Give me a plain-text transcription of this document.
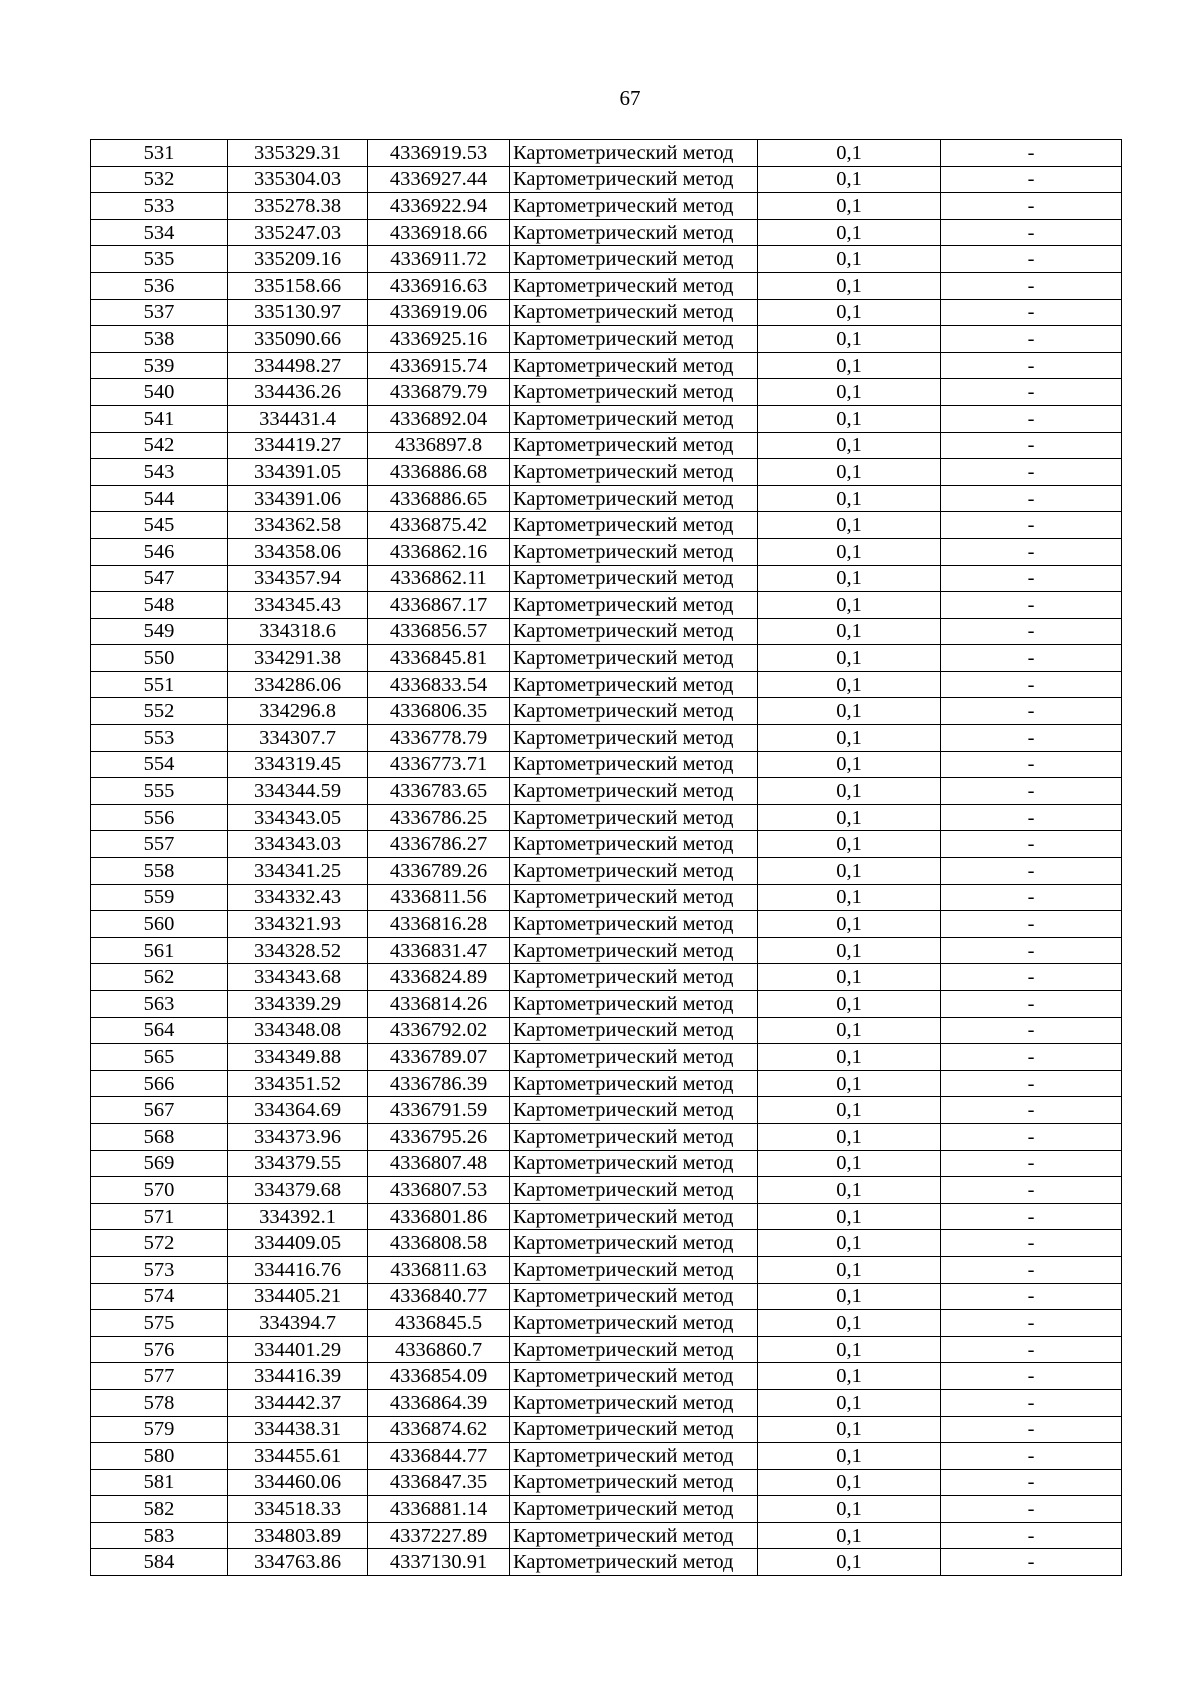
67
531	335329.31	4336919.53	Картометрический метод	0,1	-
532	335304.03	4336927.44	Картометрический метод	0,1	-
533	335278.38	4336922.94	Картометрический метод	0,1	-
534	335247.03	4336918.66	Картометрический метод	0,1	-
535	335209.16	4336911.72	Картометрический метод	0,1	-
536	335158.66	4336916.63	Картометрический метод	0,1	-
537	335130.97	4336919.06	Картометрический метод	0,1	-
538	335090.66	4336925.16	Картометрический метод	0,1	-
539	334498.27	4336915.74	Картометрический метод	0,1	-
540	334436.26	4336879.79	Картометрический метод	0,1	-
541	334431.4	4336892.04	Картометрический метод	0,1	-
542	334419.27	4336897.8	Картометрический метод	0,1	-
543	334391.05	4336886.68	Картометрический метод	0,1	-
544	334391.06	4336886.65	Картометрический метод	0,1	-
545	334362.58	4336875.42	Картометрический метод	0,1	-
546	334358.06	4336862.16	Картометрический метод	0,1	-
547	334357.94	4336862.11	Картометрический метод	0,1	-
548	334345.43	4336867.17	Картометрический метод	0,1	-
549	334318.6	4336856.57	Картометрический метод	0,1	-
550	334291.38	4336845.81	Картометрический метод	0,1	-
551	334286.06	4336833.54	Картометрический метод	0,1	-
552	334296.8	4336806.35	Картометрический метод	0,1	-
553	334307.7	4336778.79	Картометрический метод	0,1	-
554	334319.45	4336773.71	Картометрический метод	0,1	-
555	334344.59	4336783.65	Картометрический метод	0,1	-
556	334343.05	4336786.25	Картометрический метод	0,1	-
557	334343.03	4336786.27	Картометрический метод	0,1	-
558	334341.25	4336789.26	Картометрический метод	0,1	-
559	334332.43	4336811.56	Картометрический метод	0,1	-
560	334321.93	4336816.28	Картометрический метод	0,1	-
561	334328.52	4336831.47	Картометрический метод	0,1	-
562	334343.68	4336824.89	Картометрический метод	0,1	-
563	334339.29	4336814.26	Картометрический метод	0,1	-
564	334348.08	4336792.02	Картометрический метод	0,1	-
565	334349.88	4336789.07	Картометрический метод	0,1	-
566	334351.52	4336786.39	Картометрический метод	0,1	-
567	334364.69	4336791.59	Картометрический метод	0,1	-
568	334373.96	4336795.26	Картометрический метод	0,1	-
569	334379.55	4336807.48	Картометрический метод	0,1	-
570	334379.68	4336807.53	Картометрический метод	0,1	-
571	334392.1	4336801.86	Картометрический метод	0,1	-
572	334409.05	4336808.58	Картометрический метод	0,1	-
573	334416.76	4336811.63	Картометрический метод	0,1	-
574	334405.21	4336840.77	Картометрический метод	0,1	-
575	334394.7	4336845.5	Картометрический метод	0,1	-
576	334401.29	4336860.7	Картометрический метод	0,1	-
577	334416.39	4336854.09	Картометрический метод	0,1	-
578	334442.37	4336864.39	Картометрический метод	0,1	-
579	334438.31	4336874.62	Картометрический метод	0,1	-
580	334455.61	4336844.77	Картометрический метод	0,1	-
581	334460.06	4336847.35	Картометрический метод	0,1	-
582	334518.33	4336881.14	Картометрический метод	0,1	-
583	334803.89	4337227.89	Картометрический метод	0,1	-
584	334763.86	4337130.91	Картометрический метод	0,1	-
